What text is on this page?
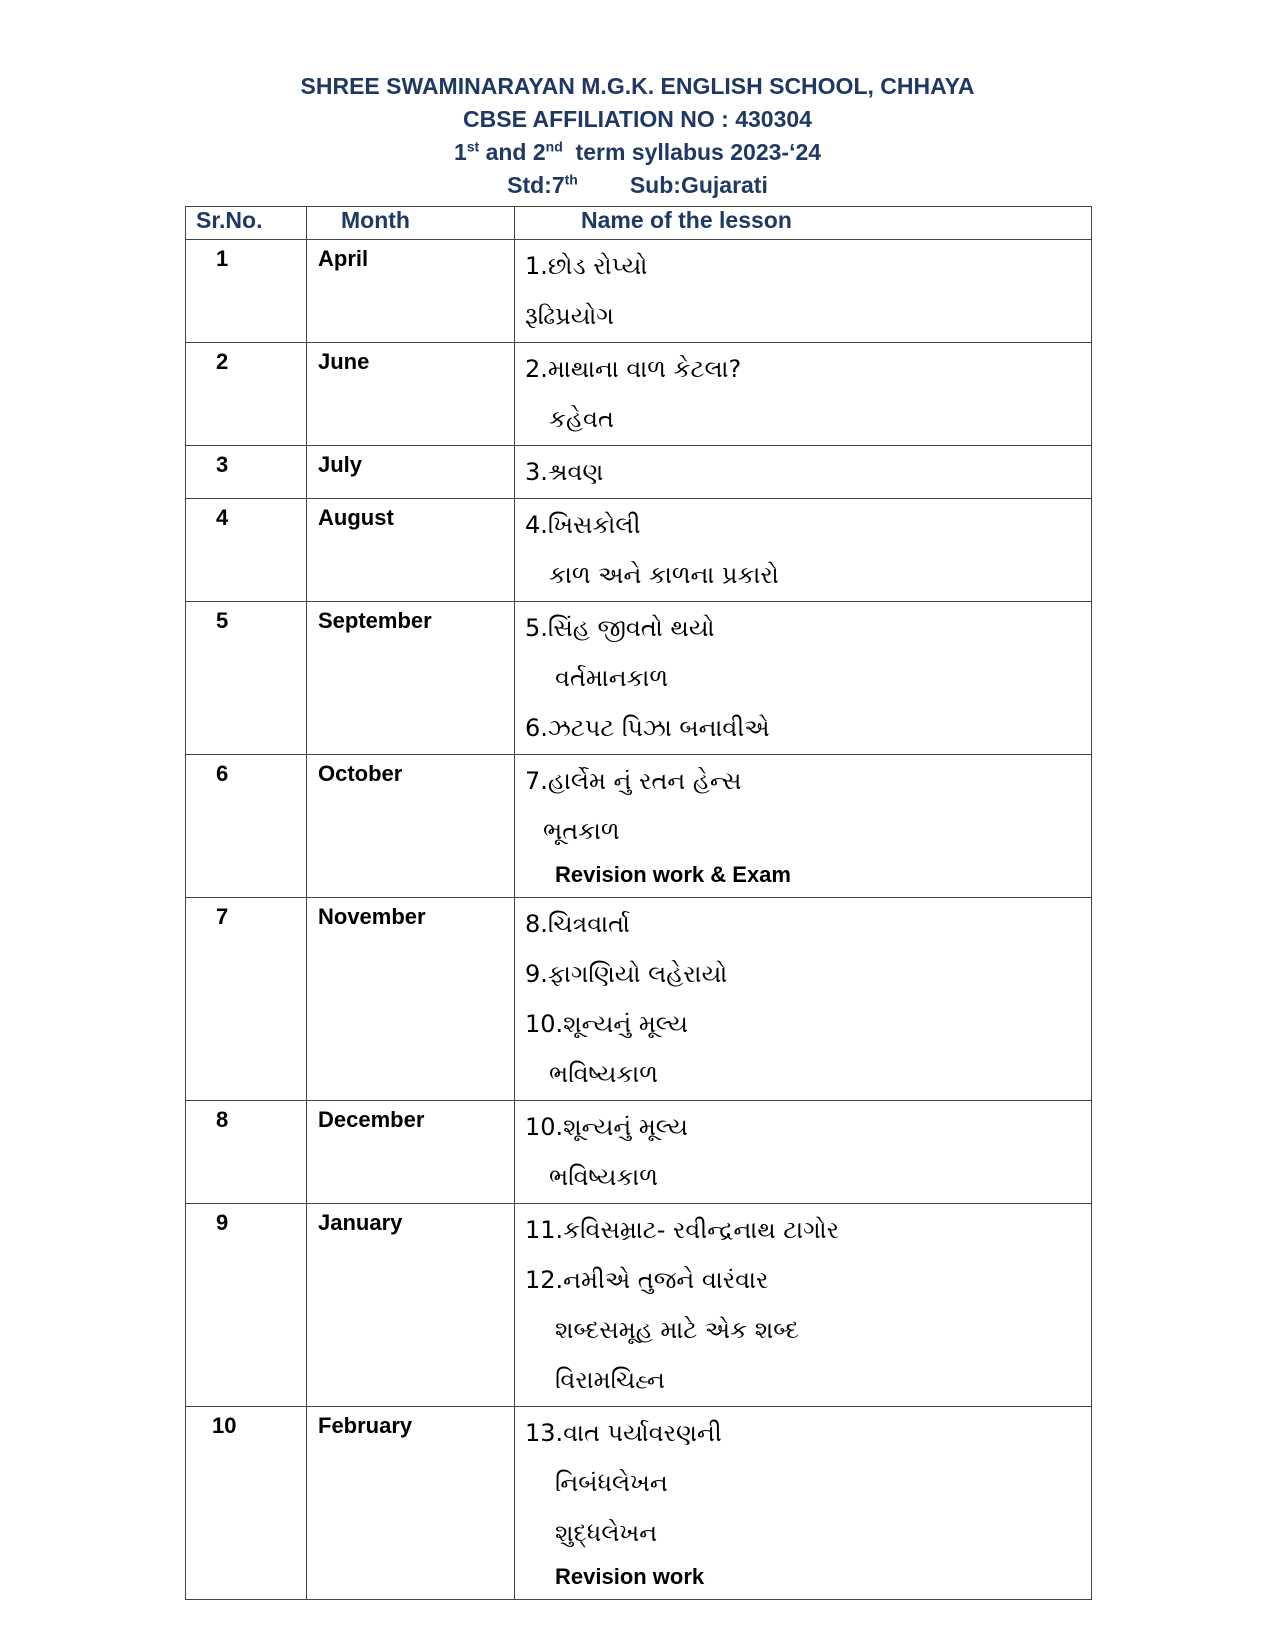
SHREE SWAMINARAYAN M.G.K. ENGLISH SCHOOL, CHHAYA
CBSE AFFILIATION NO : 430304
1st and 2nd  term syllabus 2023-‘24
Std:7th Sub:Gujarati
Sr.No.	Month	Name of the lesson
1	April	1.છોડ રોપ્યો
રૂઢિપ્રયોગ

2	June	2.માથાના વાળ કેટલા?
કહેવત

3	July	3.શ્રવણ

4	August	4.ખિસકોલી
કાળ અને કાળના પ્રકારો

5	September	5.સિંહ જીવતો થયો
વર્તમાનકાળ
6.ઝટપટ પિઝા બનાવીએ

6	October	7.હાર્લેમ નું રતન હેન્સ
ભૂતકાળ
Revision work & Exam

7	November	8.ચિત્રવાર્તા
9.ફાગણિયો લહેરાયો
10.શૂન્યનું મૂલ્ય
ભવિષ્યકાળ

8	December	10.શૂન્યનું મૂલ્ય
ભવિષ્યકાળ

9	January	11.કવિસમ્રાટ- રવીન્દ્રનાથ ટાગોર
12.નમીએ તુજને વારંવાર
શબ્દસમૂહ માટે એક શબ્દ
વિરામચિહ્ન

10	February	13.વાત પર્યાવરણની
નિબંધલેખન
શુદ્ધલેખન
Revision work
